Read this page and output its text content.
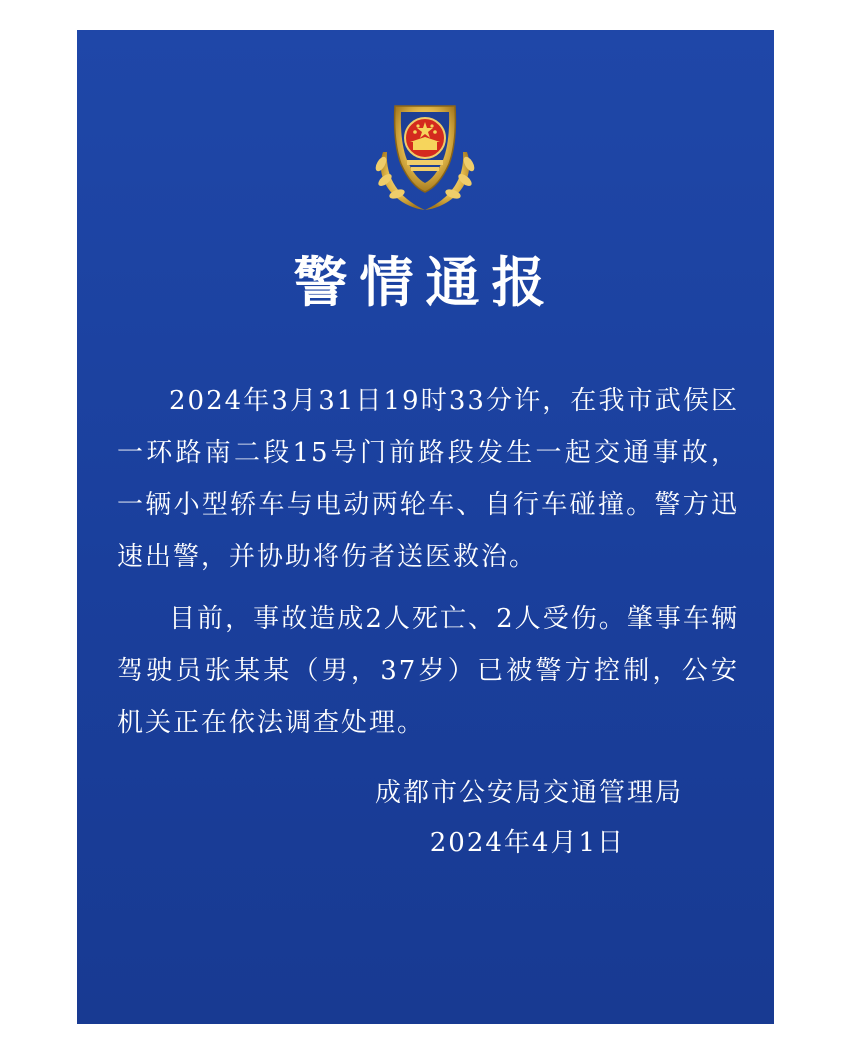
警情通报

2024年3月31日19时33分许，在我市武侯区一环路南二段15号门前路段发生一起交通事故，一辆小型轿车与电动两轮车、自行车碰撞。警方迅速出警，并协助将伤者送医救治。

目前，事故造成2人死亡、2人受伤。肇事车辆驾驶员张某某（男，37岁）已被警方控制，公安机关正在依法调查处理。

成都市公安局交通管理局
2024年4月1日
